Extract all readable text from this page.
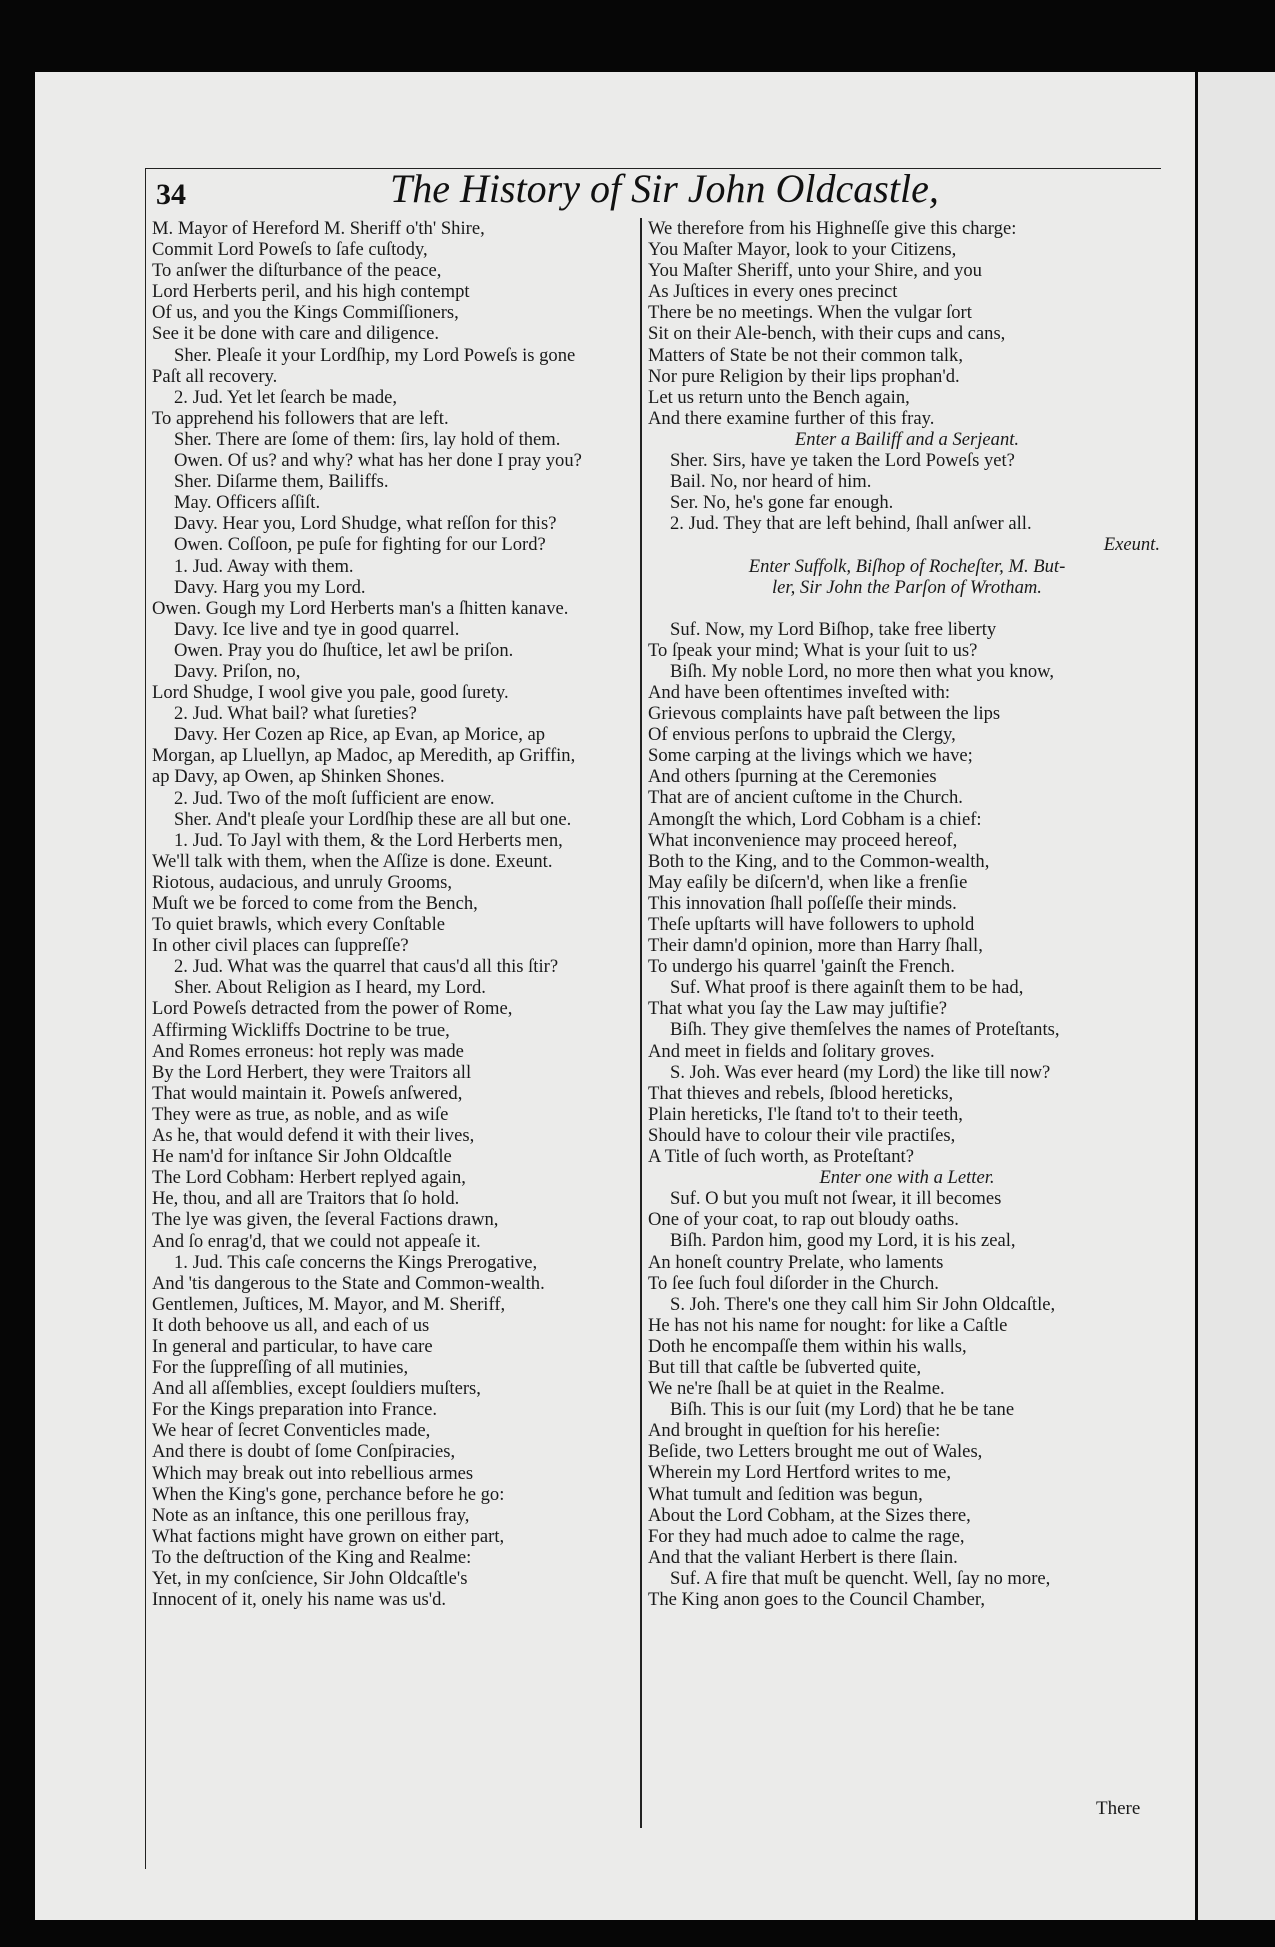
34	The History of Sir John Oldcastle,
M. Mayor of Hereford M. Sheriff o'th' Shire,
Commit Lord Poweſs to ſafe cuſtody,
To anſwer the diſturbance of the peace,
Lord Herberts peril, and his high contempt
Of us, and you the Kings Commiſſioners,
See it be done with care and diligence.
Sher. Pleaſe it your Lordſhip, my Lord Poweſs is gone
Paſt all recovery.
2. Jud. Yet let ſearch be made,
To apprehend his followers that are left.
Sher. There are ſome of them: ſirs, lay hold of them.
Owen. Of us? and why? what has her done I pray you?
Sher. Diſarme them, Bailiffs.
May. Officers aſſiſt.
Davy. Hear you, Lord Shudge, what reſſon for this?
Owen. Coſſoon, pe puſe for fighting for our Lord?
1. Jud. Away with them.
Davy. Harg you my Lord.
Owen. Gough my Lord Herberts man's a ſhitten kanave.
Davy. Ice live and tye in good quarrel.
Owen. Pray you do ſhuſtice, let awl be priſon.
Davy. Priſon, no,
Lord Shudge, I wool give you pale, good ſurety.
2. Jud. What bail? what ſureties?
Davy. Her Cozen ap Rice, ap Evan, ap Morice, ap
Morgan, ap Lluellyn, ap Madoc, ap Meredith, ap Griffin,
ap Davy, ap Owen, ap Shinken Shones.
2. Jud. Two of the moſt ſufficient are enow.
Sher. And't pleaſe your Lordſhip these are all but one.
1. Jud. To Jayl with them, & the Lord Herberts men,
We'll talk with them, when the Aſſize is done. Exeunt.
Riotous, audacious, and unruly Grooms,
Muſt we be forced to come from the Bench,
To quiet brawls, which every Conſtable
In other civil places can ſuppreſſe?
2. Jud. What was the quarrel that caus'd all this ſtir?
Sher. About Religion as I heard, my Lord.
Lord Poweſs detracted from the power of Rome,
Affirming Wickliffs Doctrine to be true,
And Romes erroneus: hot reply was made
By the Lord Herbert, they were Traitors all
That would maintain it. Poweſs anſwered,
They were as true, as noble, and as wiſe
As he, that would defend it with their lives,
He nam'd for inſtance Sir John Oldcaſtle
The Lord Cobham: Herbert replyed again,
He, thou, and all are Traitors that ſo hold.
The lye was given, the ſeveral Factions drawn,
And ſo enrag'd, that we could not appeaſe it.
1. Jud. This caſe concerns the Kings Prerogative,
And 'tis dangerous to the State and Common-wealth.
Gentlemen, Juſtices, M. Mayor, and M. Sheriff,
It doth behoove us all, and each of us
In general and particular, to have care
For the ſuppreſſing of all mutinies,
And all aſſemblies, except ſouldiers muſters,
For the Kings preparation into France.
We hear of ſecret Conventicles made,
And there is doubt of ſome Conſpiracies,
Which may break out into rebellious armes
When the King's gone, perchance before he go:
Note as an inſtance, this one perillous fray,
What factions might have grown on either part,
To the deſtruction of the King and Realme:
Yet, in my conſcience, Sir John Oldcaſtle's
Innocent of it, onely his name was us'd.
We therefore from his Highneſſe give this charge:
You Maſter Mayor, look to your Citizens,
You Maſter Sheriff, unto your Shire, and you
As Juſtices in every ones precinct
There be no meetings. When the vulgar ſort
Sit on their Ale-bench, with their cups and cans,
Matters of State be not their common talk,
Nor pure Religion by their lips prophan'd.
Let us return unto the Bench again,
And there examine further of this fray.
Enter a Bailiff and a Serjeant.
Sher. Sirs, have ye taken the Lord Poweſs yet?
Bail. No, nor heard of him.
Ser. No, he's gone far enough.
2. Jud. They that are left behind, ſhall anſwer all.
Exeunt.
Enter Suffolk, Biſhop of Rocheſter, M. But-
ler, Sir John the Parſon of Wrotham.
Suf. Now, my Lord Biſhop, take free liberty
To ſpeak your mind; What is your ſuit to us?
Biſh. My noble Lord, no more then what you know,
And have been oftentimes inveſted with:
Grievous complaints have paſt between the lips
Of envious perſons to upbraid the Clergy,
Some carping at the livings which we have;
And others ſpurning at the Ceremonies
That are of ancient cuſtome in the Church.
Amongſt the which, Lord Cobham is a chief:
What inconvenience may proceed hereof,
Both to the King, and to the Common-wealth,
May eaſily be diſcern'd, when like a frenſie
This innovation ſhall poſſeſſe their minds.
Theſe upſtarts will have followers to uphold
Their damn'd opinion, more than Harry ſhall,
To undergo his quarrel 'gainſt the French.
Suf. What proof is there againſt them to be had,
That what you ſay the Law may juſtifie?
Biſh. They give themſelves the names of Proteſtants,
And meet in fields and ſolitary groves.
S. Joh. Was ever heard (my Lord) the like till now?
That thieves and rebels, ſblood hereticks,
Plain hereticks, I'le ſtand to't to their teeth,
Should have to colour their vile practiſes,
A Title of ſuch worth, as Proteſtant?
Enter one with a Letter.
Suf. O but you muſt not ſwear, it ill becomes
One of your coat, to rap out bloudy oaths.
Biſh. Pardon him, good my Lord, it is his zeal,
An honeſt country Prelate, who laments
To ſee ſuch foul diſorder in the Church.
S. Joh. There's one they call him Sir John Oldcaſtle,
He has not his name for nought: for like a Caſtle
Doth he encompaſſe them within his walls,
But till that caſtle be ſubverted quite,
We ne're ſhall be at quiet in the Realme.
Biſh. This is our ſuit (my Lord) that he be tane
And brought in queſtion for his hereſie:
Beſide, two Letters brought me out of Wales,
Wherein my Lord Hertford writes to me,
What tumult and ſedition was begun,
About the Lord Cobham, at the Sizes there,
For they had much adoe to calme the rage,
And that the valiant Herbert is there ſlain.
Suf. A fire that muſt be quencht. Well, ſay no more,
The King anon goes to the Council Chamber,
There
